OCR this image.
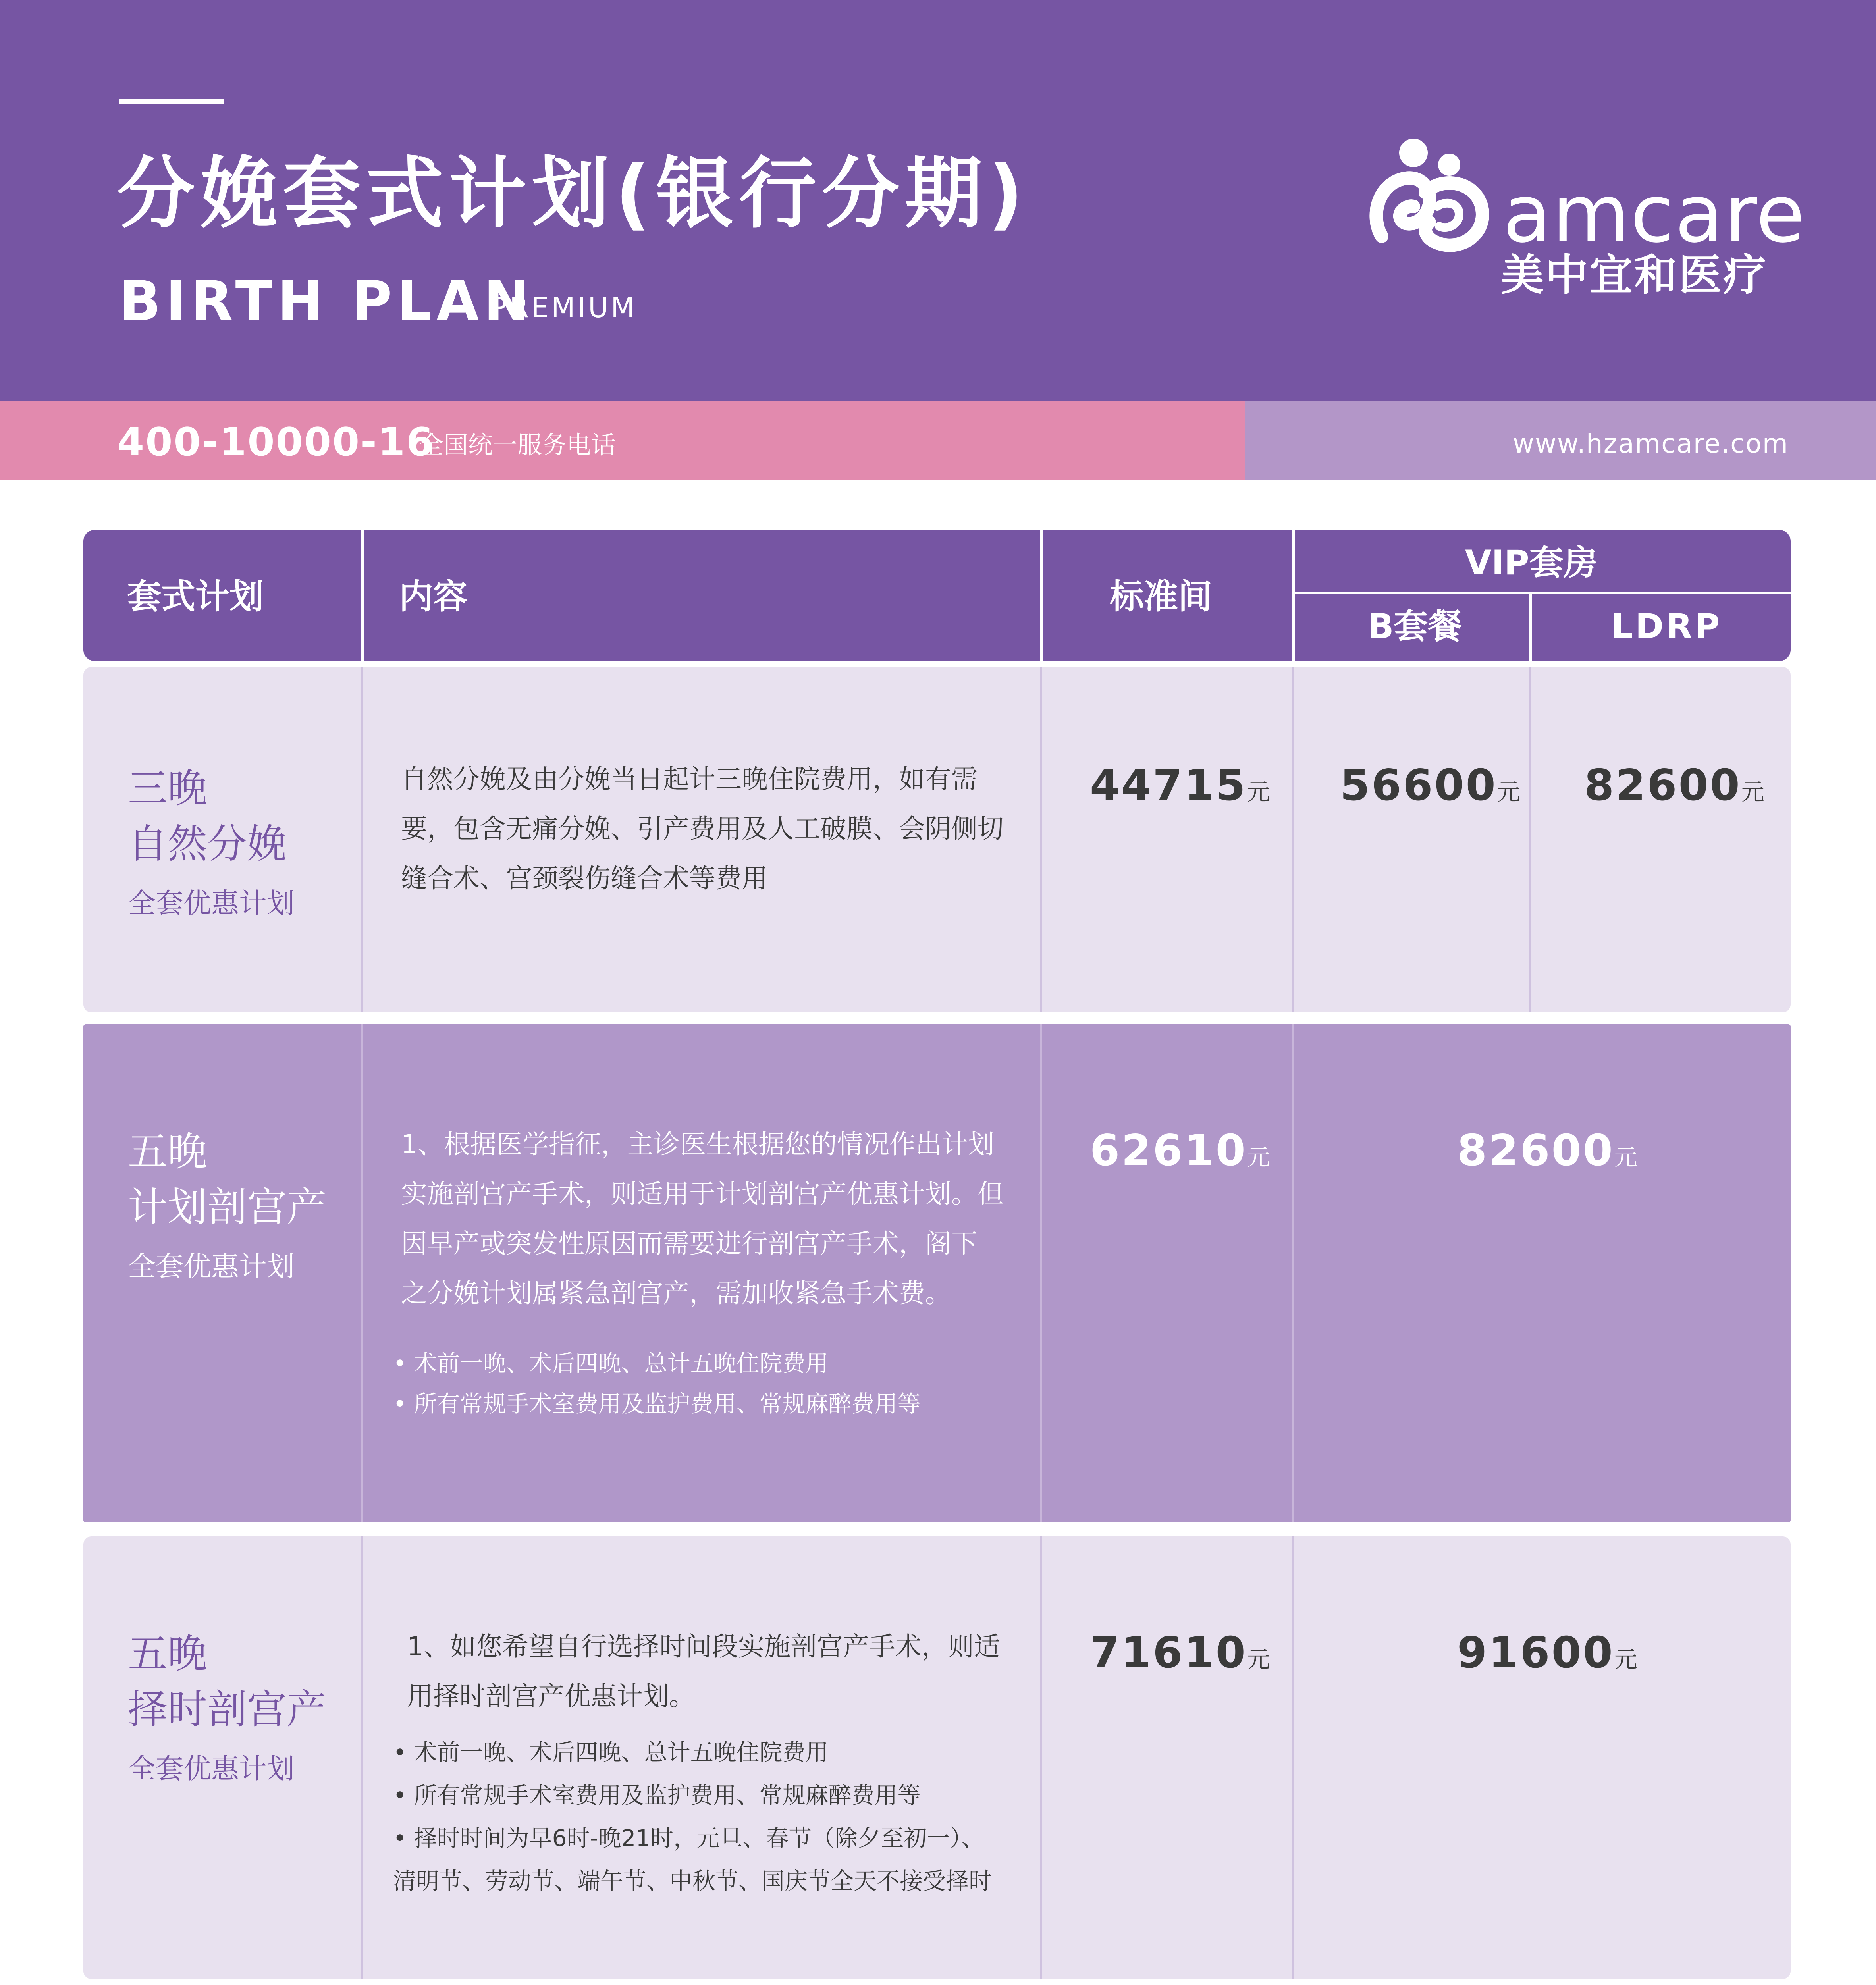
分娩套式计划(银行分期)
BIRTH PLAN
PREMIUM
amcare
美中宜和医疗
400-10000-16
全国统一服务电话	www.hzamcare.com
套式计划	内容	标准间
VIP套房
B套餐	LDRP
三晚
自然分娩
全套优惠计划
自然分娩及由分娩当日起计三晚住院费用，如有需
要，包含无痛分娩、引产费用及人工破膜、会阴侧切
缝合术、宫颈裂伤缝合术等费用
44715元 56600元 82600元
五晚
计划剖宫产
全套优惠计划
1、根据医学指征，主诊医生根据您的情况作出计划
实施剖宫产手术，则适用于计划剖宫产优惠计划。但
因早产或突发性原因而需要进行剖宫产手术，阁下
之分娩计划属紧急剖宫产，需加收紧急手术费。
• 术前一晚、术后四晚、总计五晚住院费用
• 所有常规手术室费用及监护费用、常规麻醉费用等
62610元	82600元
五晚
择时剖宫产
全套优惠计划
1、如您希望自行选择时间段实施剖宫产手术，则适
用择时剖宫产优惠计划。
• 术前一晚、术后四晚、总计五晚住院费用
• 所有常规手术室费用及监护费用、常规麻醉费用等
• 择时时间为早6时-晚21时，元旦、春节（除夕至初一）、
清明节、劳动节、端午节、中秋节、国庆节全天不接受择时
71610元	91600元
